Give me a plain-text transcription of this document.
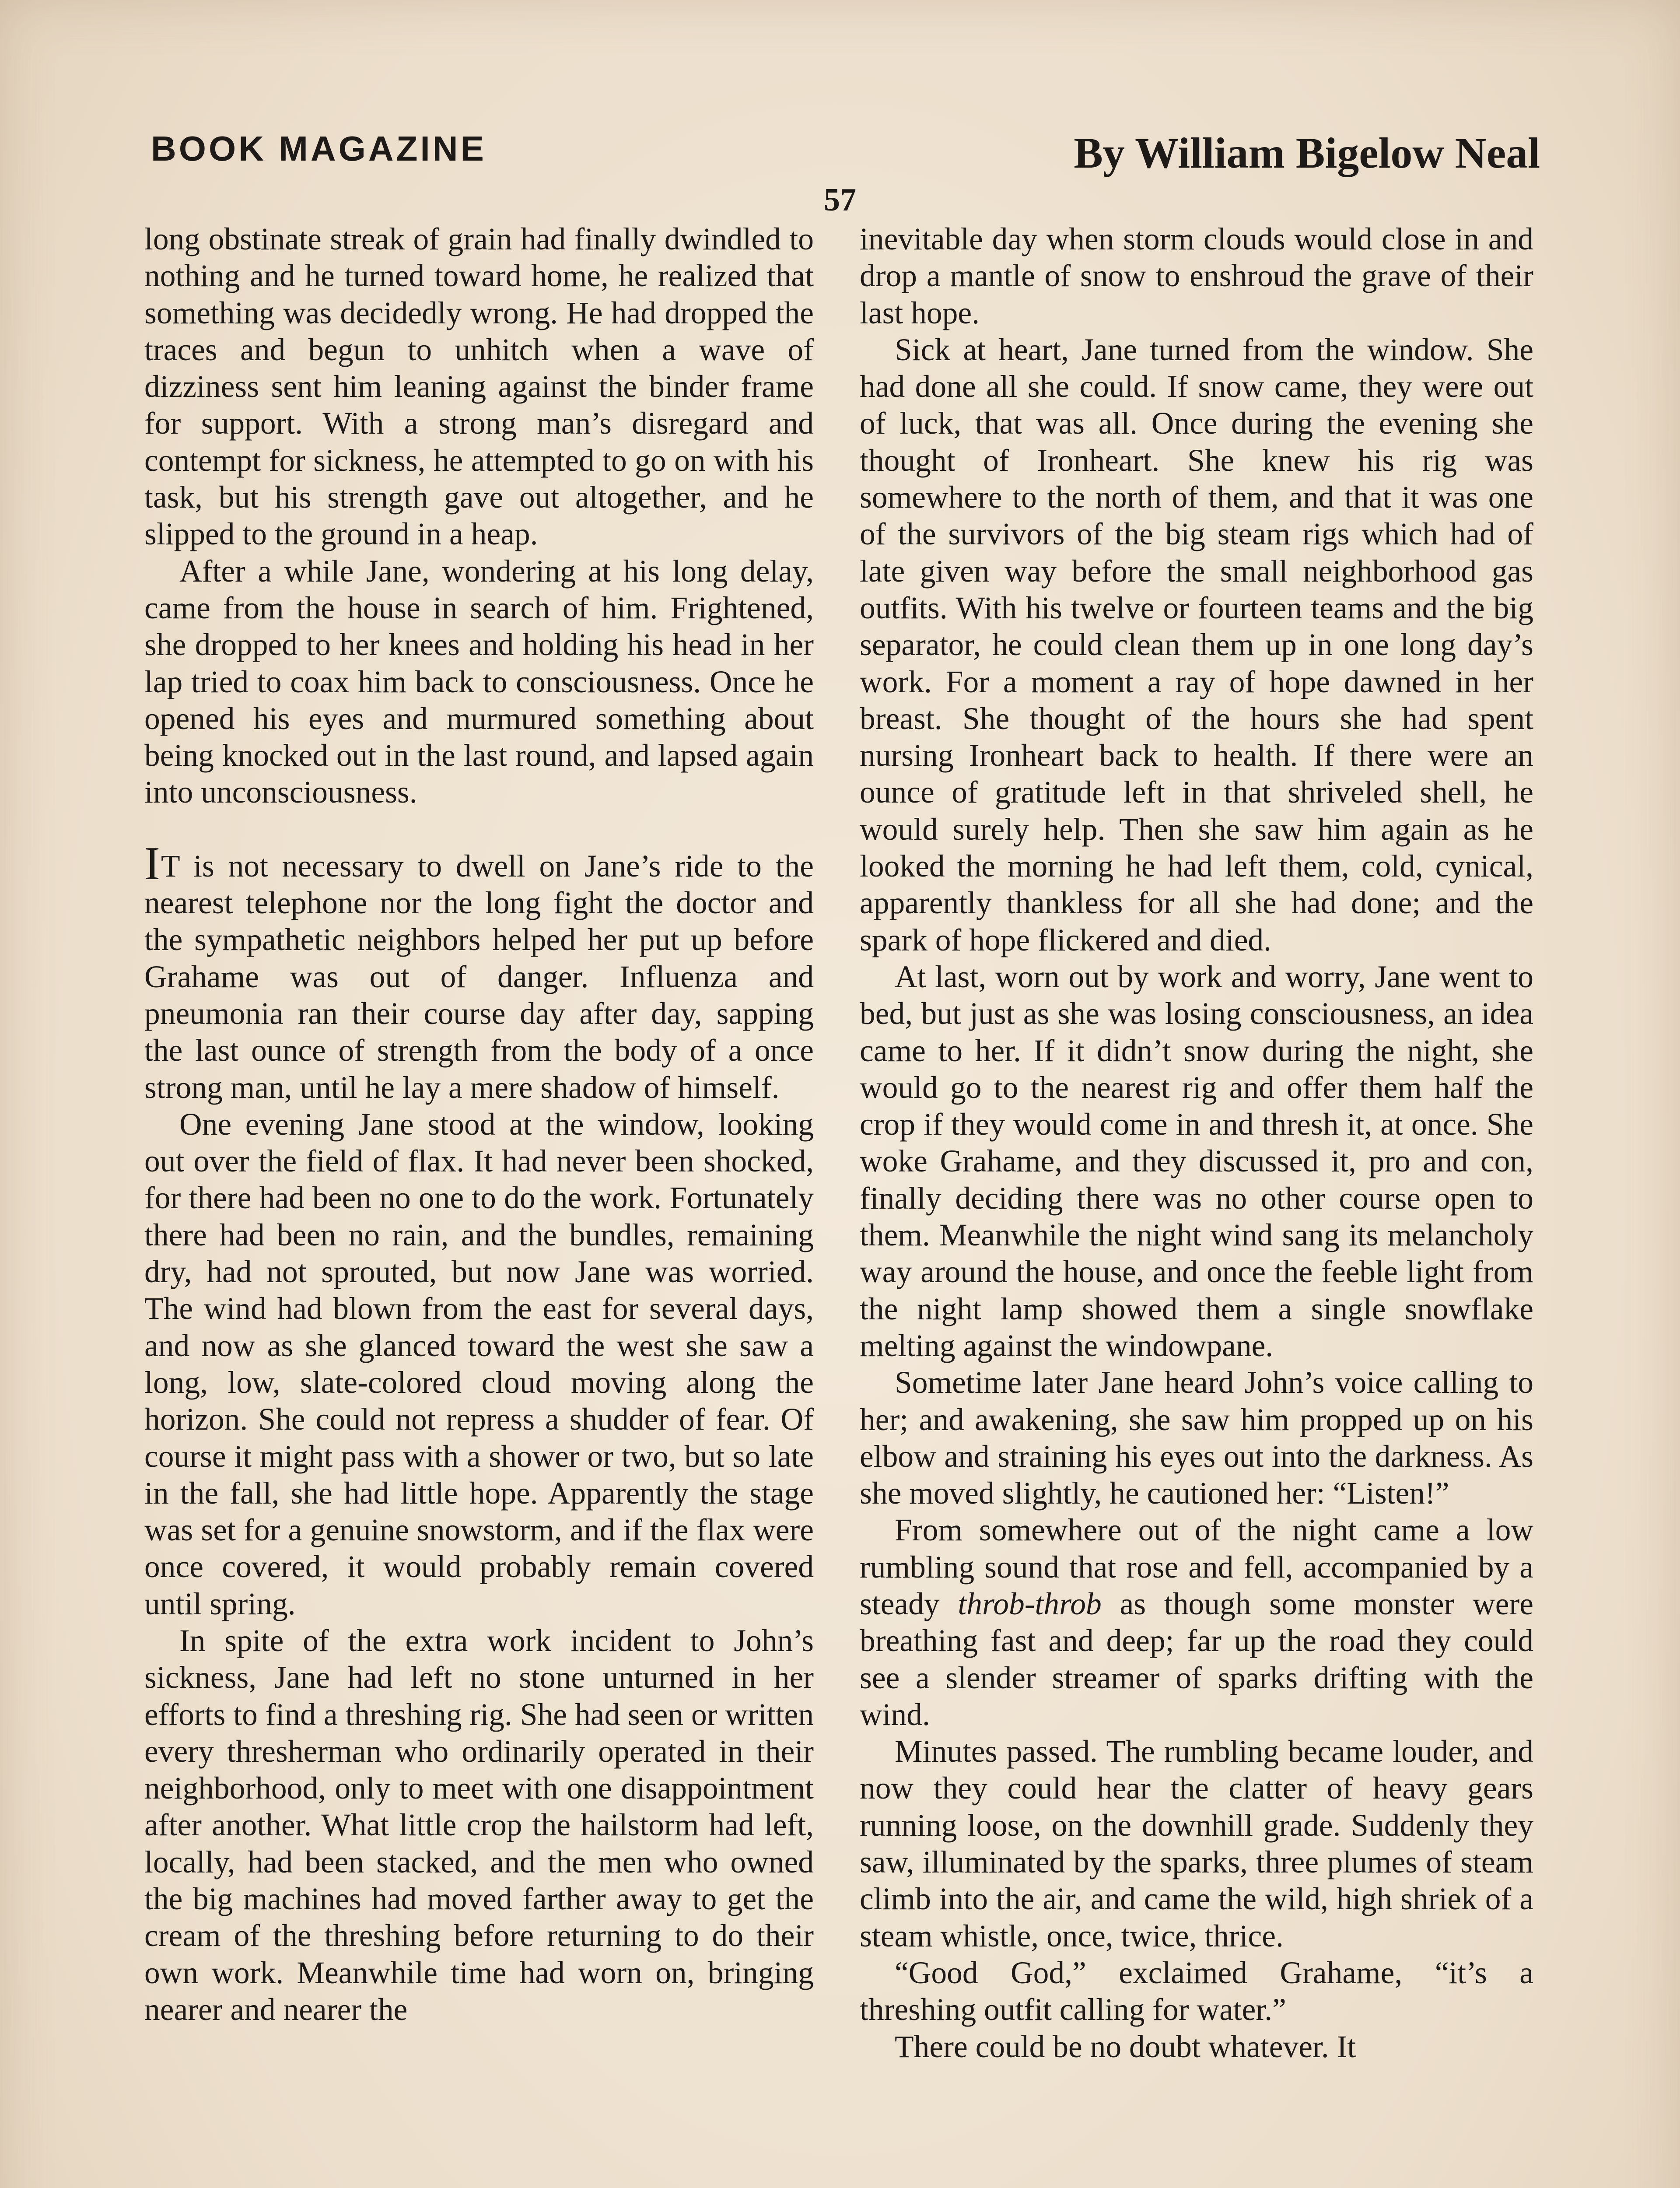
BOOK MAGAZINE	By William Bigelow Neal
57

long obstinate streak of grain had finally dwindled to nothing and he turned toward home, he realized that something was decidedly wrong. He had dropped the traces and begun to unhitch when a wave of dizziness sent him leaning against the binder frame for support. With a strong man’s disregard and contempt for sickness, he attempted to go on with his task, but his strength gave out altogether, and he slipped to the ground in a heap.

After a while Jane, wondering at his long delay, came from the house in search of him. Frightened, she dropped to her knees and holding his head in her lap tried to coax him back to consciousness. Once he opened his eyes and murmured something about being knocked out in the last round, and lapsed again into unconsciousness.

IT is not necessary to dwell on Jane’s ride to the nearest telephone nor the long fight the doctor and the sympathetic neighbors helped her put up before Grahame was out of danger. Influenza and pneumonia ran their course day after day, sapping the last ounce of strength from the body of a once strong man, until he lay a mere shadow of himself.

One evening Jane stood at the window, looking out over the field of flax. It had never been shocked, for there had been no one to do the work. Fortunately there had been no rain, and the bundles, remaining dry, had not sprouted, but now Jane was worried. The wind had blown from the east for several days, and now as she glanced toward the west she saw a long, low, slate-colored cloud moving along the horizon. She could not repress a shudder of fear. Of course it might pass with a shower or two, but so late in the fall, she had little hope. Apparently the stage was set for a genuine snowstorm, and if the flax were once covered, it would probably remain covered until spring.

In spite of the extra work incident to John’s sickness, Jane had left no stone unturned in her efforts to find a threshing rig. She had seen or written every thresherman who ordinarily operated in their neighborhood, only to meet with one disappointment after another. What little crop the hailstorm had left, locally, had been stacked, and the men who owned the big machines had moved farther away to get the cream of the threshing before returning to do their own work. Meanwhile time had worn on, bringing nearer and nearer the

inevitable day when storm clouds would close in and drop a mantle of snow to enshroud the grave of their last hope.

Sick at heart, Jane turned from the window. She had done all she could. If snow came, they were out of luck, that was all. Once during the evening she thought of Ironheart. She knew his rig was somewhere to the north of them, and that it was one of the survivors of the big steam rigs which had of late given way before the small neighborhood gas outfits. With his twelve or fourteen teams and the big separator, he could clean them up in one long day’s work. For a moment a ray of hope dawned in her breast. She thought of the hours she had spent nursing Ironheart back to health. If there were an ounce of gratitude left in that shriveled shell, he would surely help. Then she saw him again as he looked the morning he had left them, cold, cynical, apparently thankless for all she had done; and the spark of hope flickered and died.

At last, worn out by work and worry, Jane went to bed, but just as she was losing consciousness, an idea came to her. If it didn’t snow during the night, she would go to the nearest rig and offer them half the crop if they would come in and thresh it, at once. She woke Grahame, and they discussed it, pro and con, finally deciding there was no other course open to them. Meanwhile the night wind sang its melancholy way around the house, and once the feeble light from the night lamp showed them a single snowflake melting against the windowpane.

Sometime later Jane heard John’s voice calling to her; and awakening, she saw him propped up on his elbow and straining his eyes out into the darkness. As she moved slightly, he cautioned her: “Listen!”

From somewhere out of the night came a low rumbling sound that rose and fell, accompanied by a steady throb-throb as though some monster were breathing fast and deep; far up the road they could see a slender streamer of sparks drifting with the wind.

Minutes passed. The rumbling became louder, and now they could hear the clatter of heavy gears running loose, on the downhill grade. Suddenly they saw, illuminated by the sparks, three plumes of steam climb into the air, and came the wild, high shriek of a steam whistle, once, twice, thrice.

“Good God,” exclaimed Grahame, “it’s a threshing outfit calling for water.”

There could be no doubt whatever. It
